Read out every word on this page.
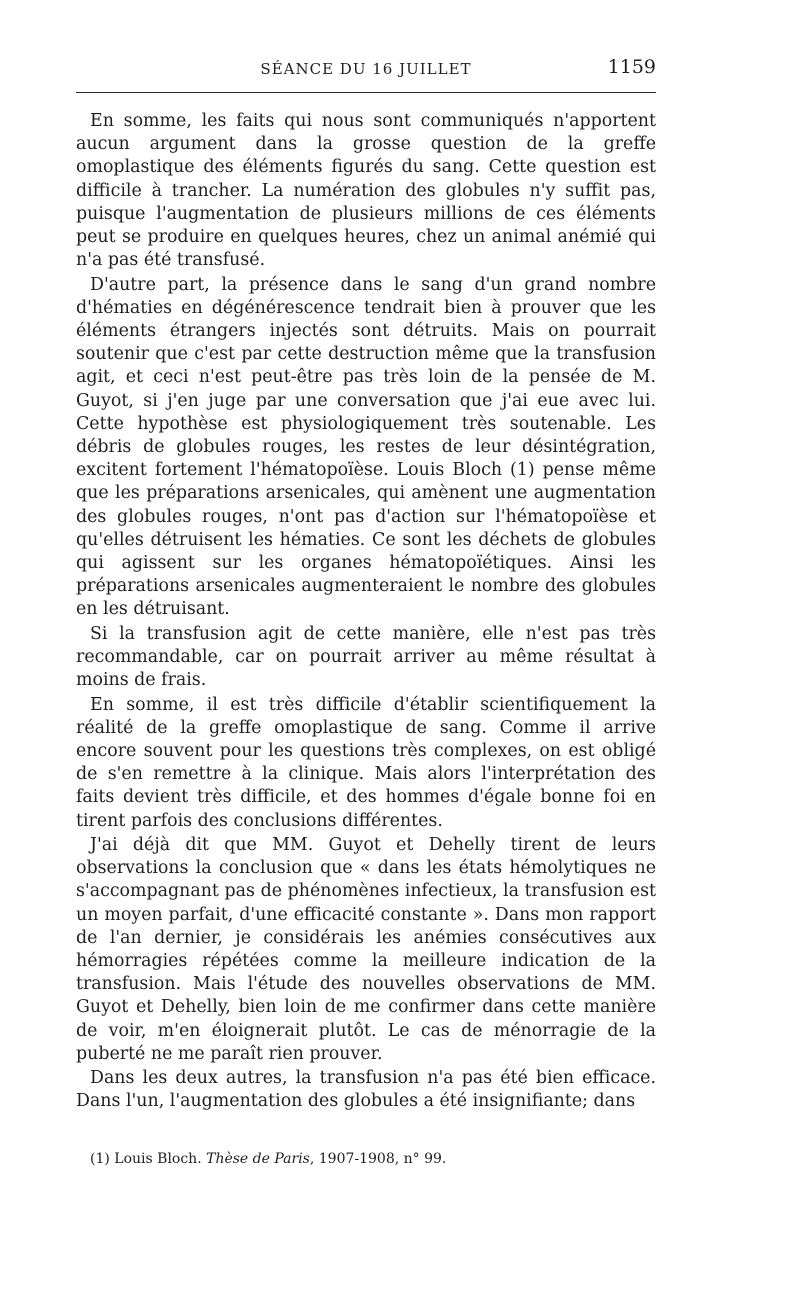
SÉANCE DU 16 JUILLET	1159

En somme, les faits qui nous sont communiqués n'apportent aucun argument dans la grosse question de la greffe omoplastique des éléments figurés du sang. Cette question est difficile à trancher. La numération des globules n'y suffit pas, puisque l'augmentation de plusieurs millions de ces éléments peut se produire en quelques heures, chez un animal anémié qui n'a pas été transfusé.

D'autre part, la présence dans le sang d'un grand nombre d'hématies en dégénérescence tendrait bien à prouver que les éléments étrangers injectés sont détruits. Mais on pourrait soutenir que c'est par cette destruction même que la transfusion agit, et ceci n'est peut-être pas très loin de la pensée de M. Guyot, si j'en juge par une conversation que j'ai eue avec lui. Cette hypothèse est physiologiquement très soutenable. Les débris de globules rouges, les restes de leur désintégration, excitent fortement l'hématopoïèse. Louis Bloch (1) pense même que les préparations arsenicales, qui amènent une augmentation des globules rouges, n'ont pas d'action sur l'hématopoïèse et qu'elles détruisent les hématies. Ce sont les déchets de globules qui agissent sur les organes hématopoïétiques. Ainsi les préparations arsenicales augmenteraient le nombre des globules en les détruisant.

Si la transfusion agit de cette manière, elle n'est pas très recommandable, car on pourrait arriver au même résultat à moins de frais.

En somme, il est très difficile d'établir scientifiquement la réalité de la greffe omoplastique de sang. Comme il arrive encore souvent pour les questions très complexes, on est obligé de s'en remettre à la clinique. Mais alors l'interprétation des faits devient très difficile, et des hommes d'égale bonne foi en tirent parfois des conclusions différentes.

J'ai déjà dit que MM. Guyot et Dehelly tirent de leurs observations la conclusion que « dans les états hémolytiques ne s'accompagnant pas de phénomènes infectieux, la transfusion est un moyen parfait, d'une efficacité constante ». Dans mon rapport de l'an dernier, je considérais les anémies consécutives aux hémorragies répétées comme la meilleure indication de la transfusion. Mais l'étude des nouvelles observations de MM. Guyot et Dehelly, bien loin de me confirmer dans cette manière de voir, m'en éloignerait plutôt. Le cas de ménorragie de la puberté ne me paraît rien prouver.

Dans les deux autres, la transfusion n'a pas été bien efficace. Dans l'un, l'augmentation des globules a été insignifiante; dans

(1) Louis Bloch. Thèse de Paris, 1907-1908, n° 99.
